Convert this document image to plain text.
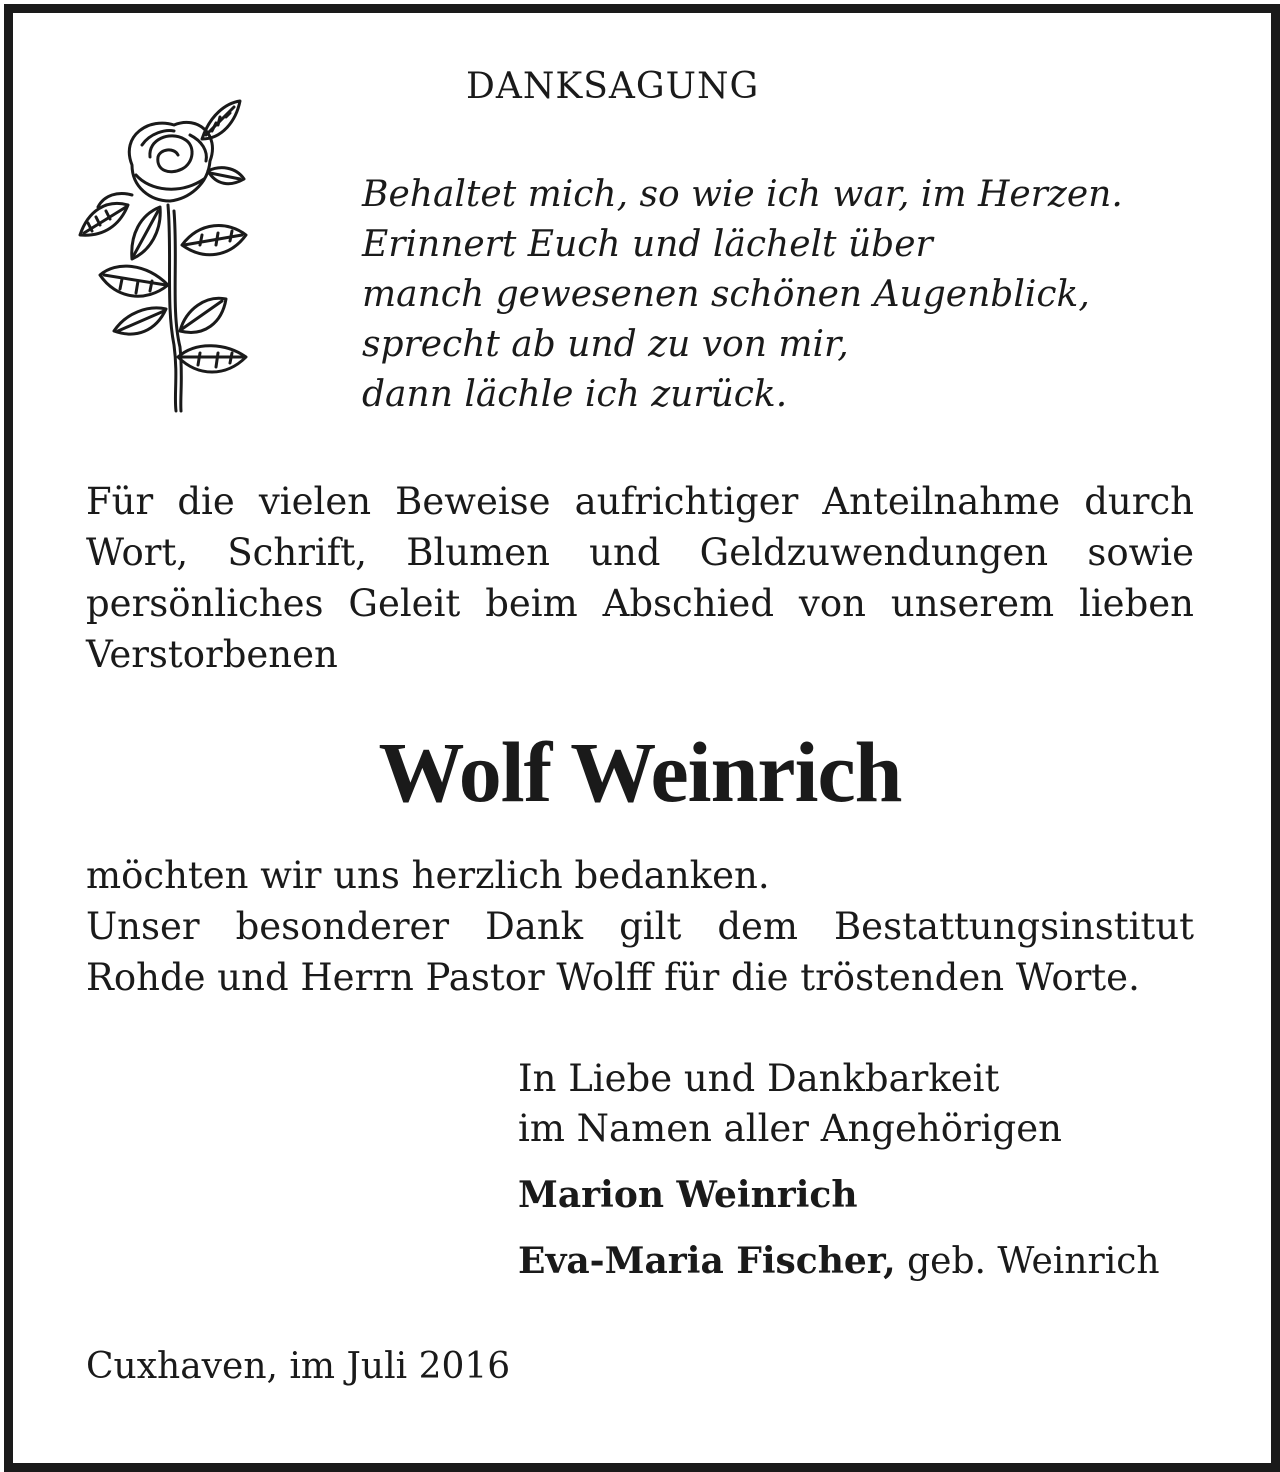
DANKSAGUNG
Behaltet mich, so wie ich war, im Herzen.
Erinnert Euch und lächelt über
manch gewesenen schönen Augenblick,
sprecht ab und zu von mir,
dann lächle ich zurück.
Für die vielen Beweise aufrichtiger Anteilnahme durch Wort, Schrift, Blumen und Geldzuwendungen sowie persönliches Geleit beim Abschied von unserem lieben Verstorbenen
Wolf Weinrich
möchten wir uns herzlich bedanken.
Unser besonderer Dank gilt dem Bestattungsinstitut Rohde und Herrn Pastor Wolff für die tröstenden Worte.
In Liebe und Dankbarkeit
im Namen aller Angehörigen
Marion Weinrich
Eva-Maria Fischer, geb. Weinrich
Cuxhaven, im Juli 2016
